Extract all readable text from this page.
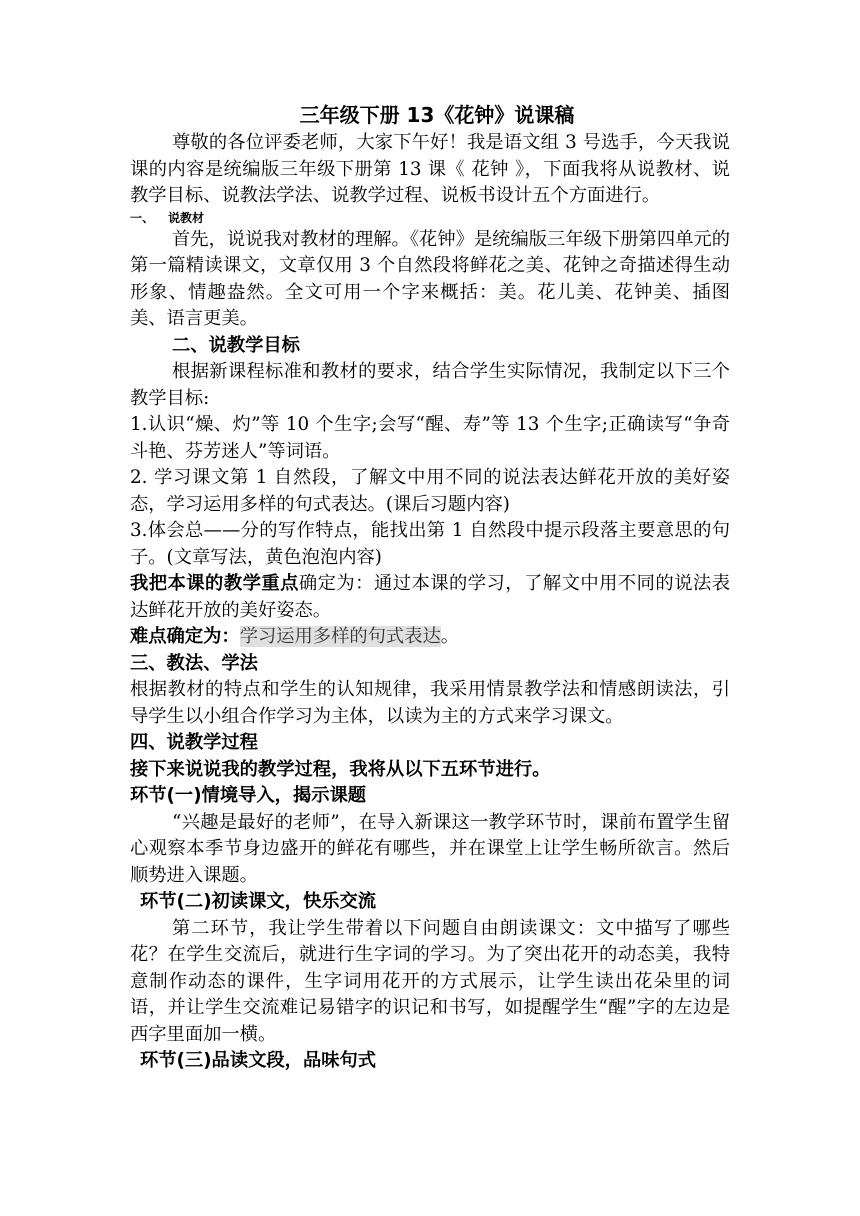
三年级下册 13《花钟》说课稿

尊敬的各位评委老师，大家下午好！我是语文组 3 号选手，今天我说课的内容是统编版三年级下册第 13 课《 花钟 》，下面我将从说教材、说教学目标、说教法学法、说教学过程、说板书设计五个方面进行。

一、 说教材

首先，说说我对教材的理解。《花钟》是统编版三年级下册第四单元的第一篇精读课文，文章仅用 3 个自然段将鲜花之美、花钟之奇描述得生动形象、情趣盎然。全文可用一个字来概括：美。花儿美、花钟美、插图美、语言更美。

二、说教学目标

根据新课程标准和教材的要求，结合学生实际情况，我制定以下三个教学目标:

1.认识“燥、灼”等 10 个生字;会写“醒、寿”等 13 个生字;正确读写“争奇斗艳、芬芳迷人”等词语。

2. 学习课文第 1 自然段，了解文中用不同的说法表达鲜花开放的美好姿态，学习运用多样的句式表达。(课后习题内容)

3.体会总——分的写作特点，能找出第 1 自然段中提示段落主要意思的句子。(文章写法，黄色泡泡内容)

我把本课的教学重点确定为：通过本课的学习，了解文中用不同的说法表达鲜花开放的美好姿态。

难点确定为：学习运用多样的句式表达。

三、教法、学法

根据教材的特点和学生的认知规律，我采用情景教学法和情感朗读法，引导学生以小组合作学习为主体，以读为主的方式来学习课文。

四、说教学过程

接下来说说我的教学过程，我将从以下五环节进行。

环节(一)情境导入，揭示课题

“兴趣是最好的老师”，在导入新课这一教学环节时，课前布置学生留心观察本季节身边盛开的鲜花有哪些，并在课堂上让学生畅所欲言。然后顺势进入课题。

环节(二)初读课文，快乐交流

第二环节，我让学生带着以下问题自由朗读课文：文中描写了哪些花？在学生交流后，就进行生字词的学习。为了突出花开的动态美，我特意制作动态的课件，生字词用花开的方式展示，让学生读出花朵里的词语，并让学生交流难记易错字的识记和书写，如提醒学生“醒”字的左边是西字里面加一横。

环节(三)品读文段，品味句式
